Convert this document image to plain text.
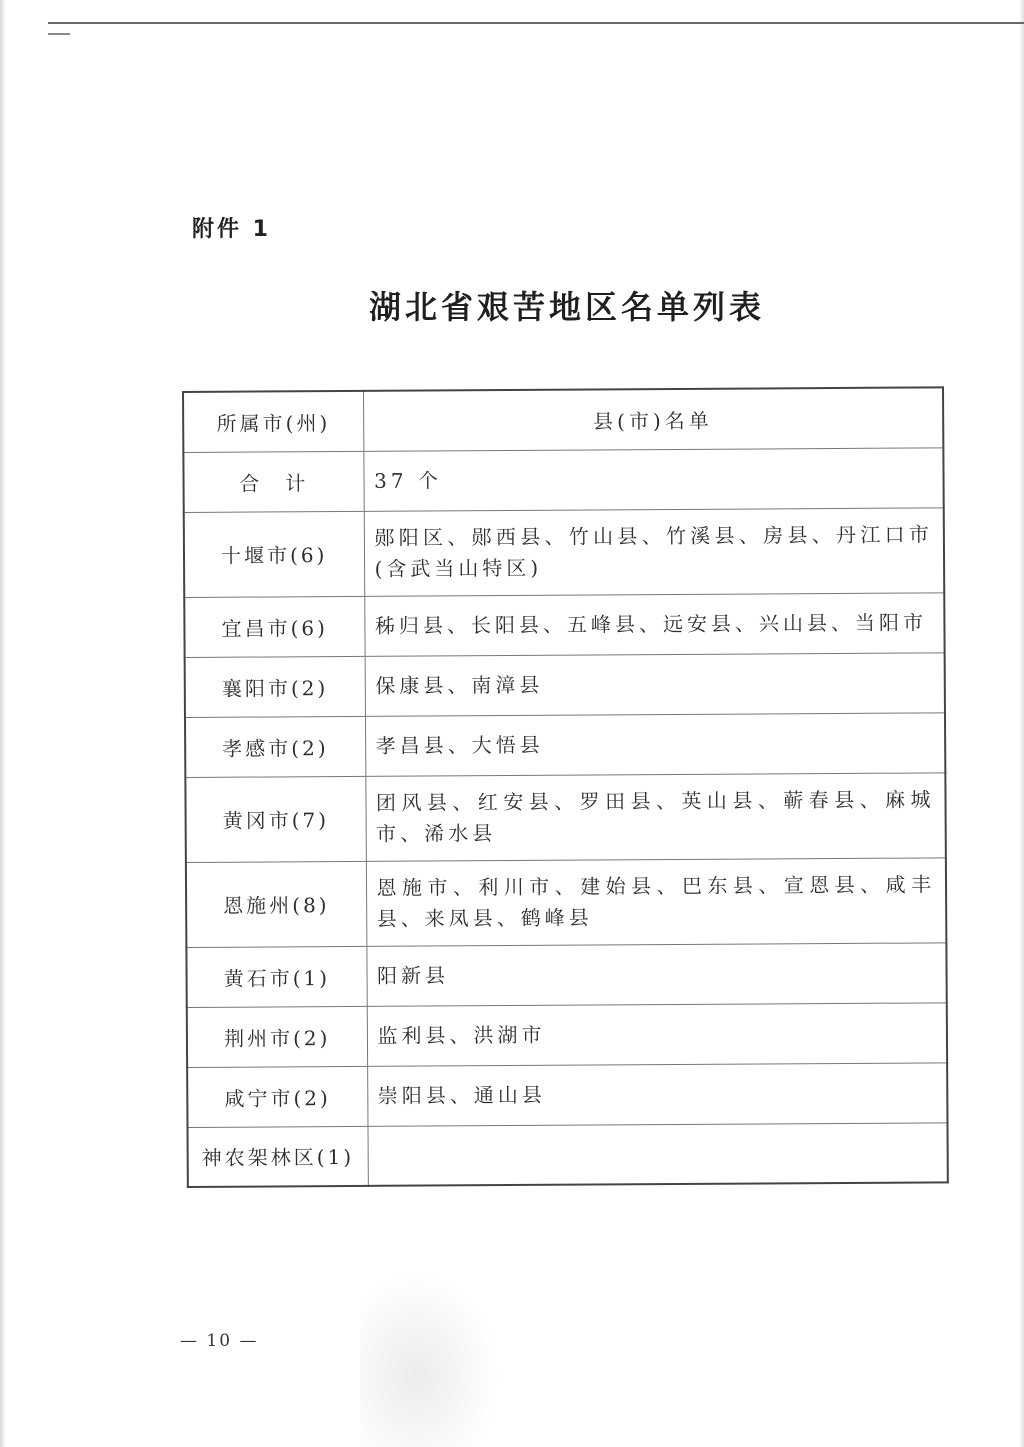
附件 1
湖北省艰苦地区名单列表
所属市(州)	县(市)名单
合　计	37 个
十堰市(6)	郧阳区、郧西县、竹山县、竹溪县、房县、丹江口市(含武当山特区)
宜昌市(6)	秭归县、长阳县、五峰县、远安县、兴山县、当阳市
襄阳市(2)	保康县、南漳县
孝感市(2)	孝昌县、大悟县
黄冈市(7)	团风县、红安县、罗田县、英山县、蕲春县、麻城市、浠水县
恩施州(8)	恩施市、利川市、建始县、巴东县、宣恩县、咸丰县、来凤县、鹤峰县
黄石市(1)	阳新县
荆州市(2)	监利县、洪湖市
咸宁市(2)	崇阳县、通山县
神农架林区(1)	
— 10 —
